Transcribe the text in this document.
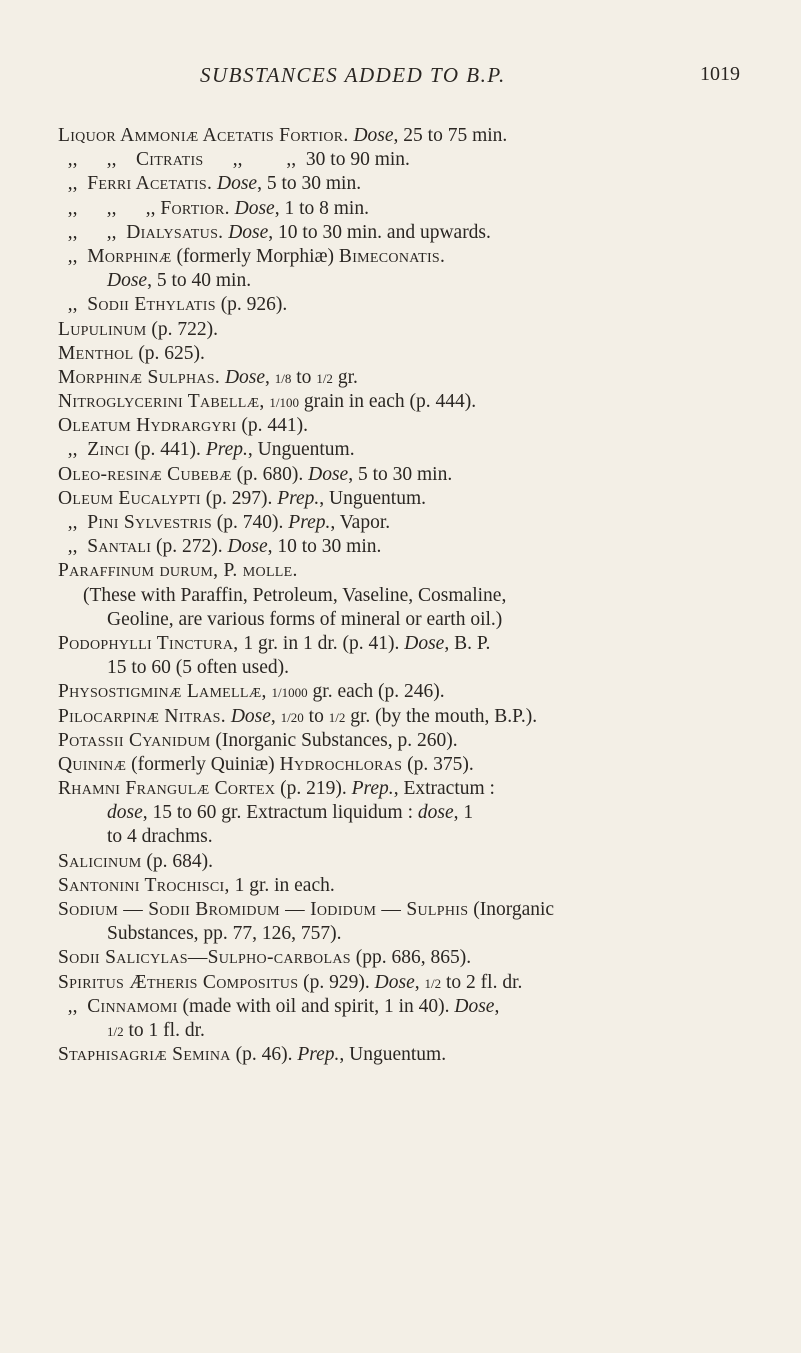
SUBSTANCES ADDED TO B.P.	1019
Liquor Ammoniæ Acetatis Fortior. Dose, 25 to 75 min.
,,      ,,    Citratis      ,,         ,,  30 to 90 min.
,,  Ferri Acetatis. Dose, 5 to 30 min.
,,      ,,      ,, Fortior. Dose, 1 to 8 min.
,,      ,,  Dialysatus. Dose, 10 to 30 min. and upwards.
,,  Morphinæ (formerly Morphiæ) Bimeconatis.
Dose, 5 to 40 min.
,,  Sodii Ethylatis (p. 926).
Lupulinum (p. 722).
Menthol (p. 625).
Morphinæ Sulphas. Dose, 1/8 to 1/2 gr.
Nitroglycerini Tabellæ, 1/100 grain in each (p. 444).
Oleatum Hydrargyri (p. 441).
,,  Zinci (p. 441). Prep., Unguentum.
Oleo-resinæ Cubebæ (p. 680). Dose, 5 to 30 min.
Oleum Eucalypti (p. 297). Prep., Unguentum.
,,  Pini Sylvestris (p. 740). Prep., Vapor.
,,  Santali (p. 272). Dose, 10 to 30 min.
Paraffinum durum, P. molle.
(These with Paraffin, Petroleum, Vaseline, Cosmaline,
Geoline, are various forms of mineral or earth oil.)
Podophylli Tinctura, 1 gr. in 1 dr. (p. 41). Dose, B. P.
15 to 60 (5 often used).
Physostigminæ Lamellæ, 1/1000 gr. each (p. 246).
Pilocarpinæ Nitras. Dose, 1/20 to 1/2 gr. (by the mouth, B.P.).
Potassii Cyanidum (Inorganic Substances, p. 260).
Quininæ (formerly Quiniæ) Hydrochloras (p. 375).
Rhamni Frangulæ Cortex (p. 219). Prep., Extractum :
dose, 15 to 60 gr. Extractum liquidum : dose, 1
to 4 drachms.
Salicinum (p. 684).
Santonini Trochisci, 1 gr. in each.
Sodium — Sodii Bromidum — Iodidum — Sulphis (Inorganic
Substances, pp. 77, 126, 757).
Sodii Salicylas—Sulpho-carbolas (pp. 686, 865).
Spiritus Ætheris Compositus (p. 929). Dose, 1/2 to 2 fl. dr.
,,  Cinnamomi (made with oil and spirit, 1 in 40). Dose,
1/2 to 1 fl. dr.
Staphisagriæ Semina (p. 46). Prep., Unguentum.
